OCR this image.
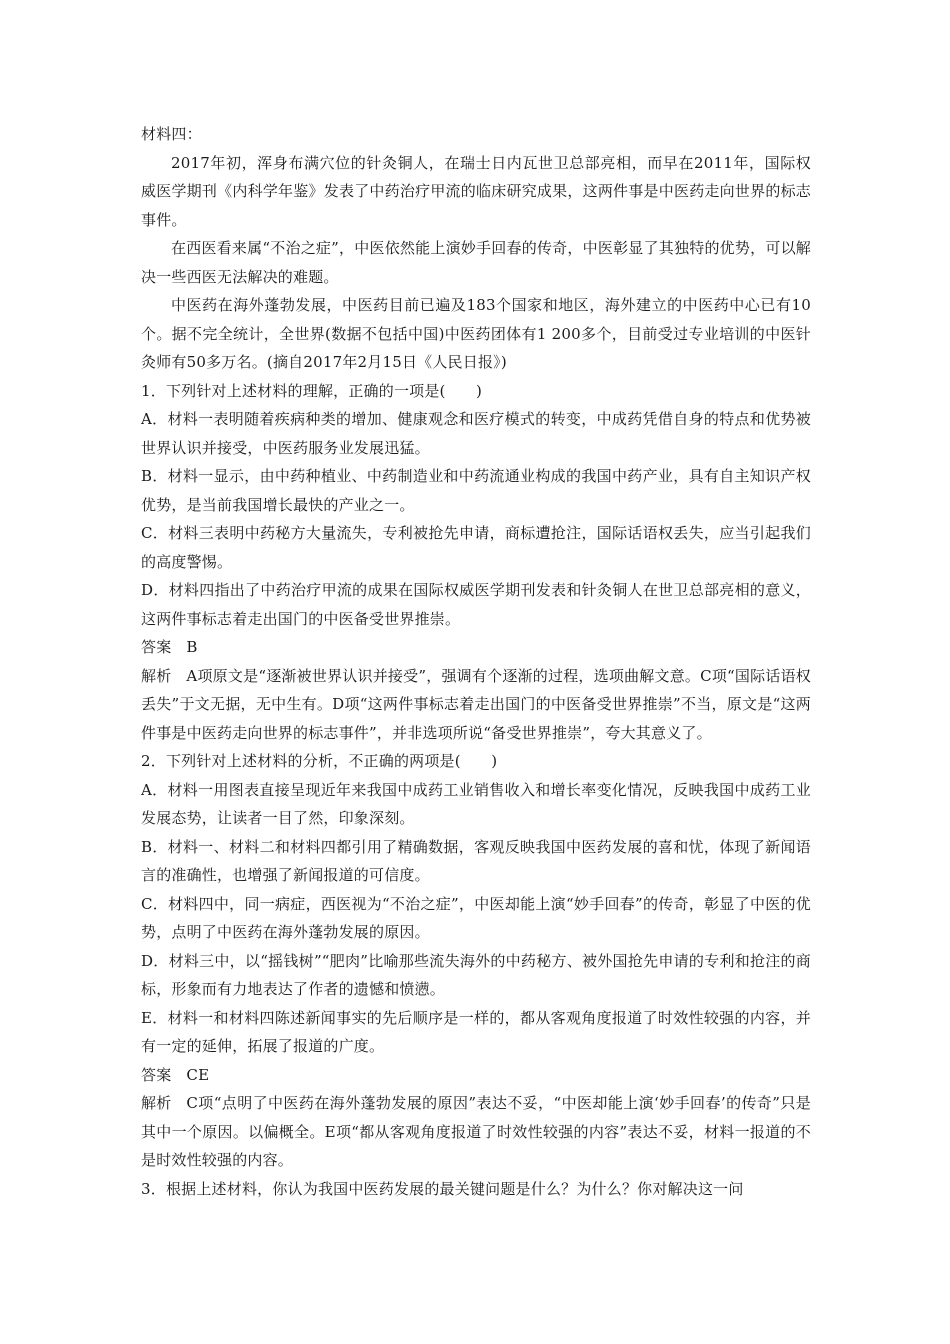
材料四：

2017年初，浑身布满穴位的针灸铜人，在瑞士日内瓦世卫总部亮相，而早在2011年，国际权威医学期刊《内科学年鉴》发表了中药治疗甲流的临床研究成果，这两件事是中医药走向世界的标志事件。

在西医看来属“不治之症”，中医依然能上演妙手回春的传奇，中医彰显了其独特的优势，可以解决一些西医无法解决的难题。

中医药在海外蓬勃发展，中医药目前已遍及183个国家和地区，海外建立的中医药中心已有10个。据不完全统计，全世界(数据不包括中国)中医药团体有1 200多个，目前受过专业培训的中医针灸师有50多万名。(摘自2017年2月15日《人民日报》)

1．下列针对上述材料的理解，正确的一项是(　　)

A．材料一表明随着疾病种类的增加、健康观念和医疗模式的转变，中成药凭借自身的特点和优势被世界认识并接受，中医药服务业发展迅猛。

B．材料一显示，由中药种植业、中药制造业和中药流通业构成的我国中药产业，具有自主知识产权优势，是当前我国增长最快的产业之一。

C．材料三表明中药秘方大量流失，专利被抢先申请，商标遭抢注，国际话语权丢失，应当引起我们的高度警惕。

D．材料四指出了中药治疗甲流的成果在国际权威医学期刊发表和针灸铜人在世卫总部亮相的意义，这两件事标志着走出国门的中医备受世界推崇。

答案 B

解析 A项原文是“逐渐被世界认识并接受”，强调有个逐渐的过程，选项曲解文意。C项“国际话语权丢失”于文无据，无中生有。D项“这两件事标志着走出国门的中医备受世界推崇”不当，原文是“这两件事是中医药走向世界的标志事件”，并非选项所说“备受世界推崇”，夸大其意义了。

2．下列针对上述材料的分析，不正确的两项是(　　)

A．材料一用图表直接呈现近年来我国中成药工业销售收入和增长率变化情况，反映我国中成药工业发展态势，让读者一目了然，印象深刻。

B．材料一、材料二和材料四都引用了精确数据，客观反映我国中医药发展的喜和忧，体现了新闻语言的准确性，也增强了新闻报道的可信度。

C．材料四中，同一病症，西医视为“不治之症”，中医却能上演“妙手回春”的传奇，彰显了中医的优势，点明了中医药在海外蓬勃发展的原因。

D．材料三中，以“摇钱树”“肥肉”比喻那些流失海外的中药秘方、被外国抢先申请的专利和抢注的商标，形象而有力地表达了作者的遗憾和愤懑。

E．材料一和材料四陈述新闻事实的先后顺序是一样的，都从客观角度报道了时效性较强的内容，并有一定的延伸，拓展了报道的广度。

答案 CE

解析 C项“点明了中医药在海外蓬勃发展的原因”表达不妥，“中医却能上演‘妙手回春’的传奇”只是其中一个原因。以偏概全。E项“都从客观角度报道了时效性较强的内容”表达不妥，材料一报道的不是时效性较强的内容。

3．根据上述材料，你认为我国中医药发展的最关键问题是什么？为什么？你对解决这一问
